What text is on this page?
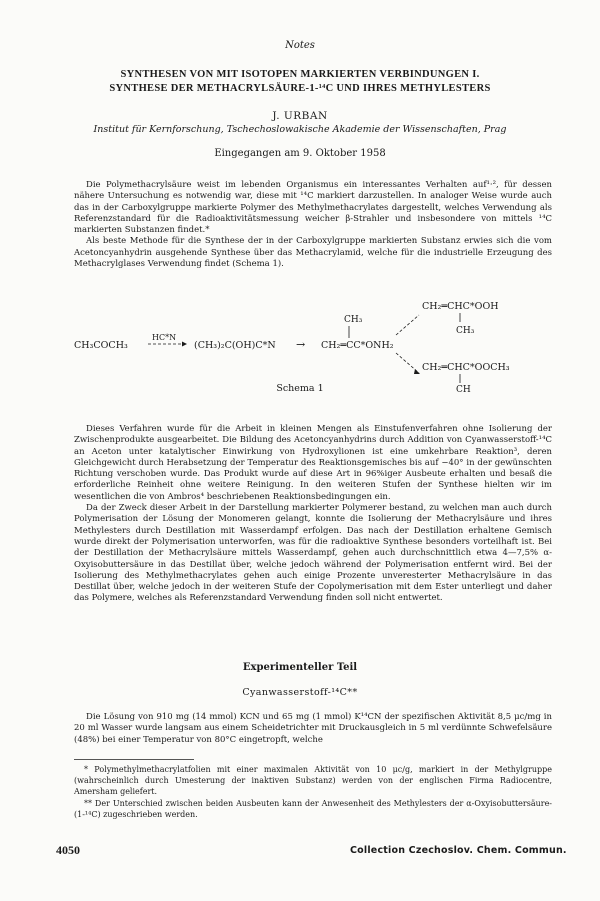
Notes
SYNTHESEN VON MIT ISOTOPEN MARKIERTEN VERBINDUNGEN I.
SYNTHESE DER METHACRYLSÄURE-1-¹⁴C UND IHRES METHYLESTERS
J. URBAN
Institut für Kernforschung, Tschechoslowakische Akademie der Wissenschaften, Prag
Eingegangen am 9. Oktober 1958

Die Polymethacrylsäure weist im lebenden Organismus ein interessantes Verhalten auf¹·², für dessen nähere Untersuchung es notwendig war, diese mit ¹⁴C markiert darzustellen. In analoger Weise wurde auch das in der Carboxylgruppe markierte Polymer des Methylmethacrylates dargestellt, welches Verwendung als Referenzstandard für die Radioaktivitätsmessung weicher β-Strahler und insbesondere von mittels ¹⁴C markierten Substanzen findet.*

Als beste Methode für die Synthese der in der Carboxylgruppe markierten Substanz erwies sich die vom Acetoncyanhydrin ausgehende Synthese über das Methacrylamid, welche für die industrielle Erzeugung des Methacrylglases Verwendung findet (Schema 1).

CH₃COCH₃
HC*N
(CH₃)₂C(OH)C*N →
CH₃
CH₂═CC*ONH₂
CH₂═CHC*OOH
CH₃
CH₂═CHC*OOCH₃
CH
Schema 1

Dieses Verfahren wurde für die Arbeit in kleinen Mengen als Einstufenverfahren ohne Isolierung der Zwischenprodukte ausgearbeitet. Die Bildung des Acetoncyanhydrins durch Addition von Cyanwasserstoff-¹⁴C an Aceton unter katalytischer Einwirkung von Hydroxylionen ist eine umkehrbare Reaktion³, deren Gleichgewicht durch Herabsetzung der Temperatur des Reaktionsgemisches bis auf −40° in der gewünschten Richtung verschoben wurde. Das Produkt wurde auf diese Art in 96%iger Ausbeute erhalten und besaß die erforderliche Reinheit ohne weitere Reinigung. In den weiteren Stufen der Synthese hielten wir im wesentlichen die von Ambros⁴ beschriebenen Reaktionsbedingungen ein.

Da der Zweck dieser Arbeit in der Darstellung markierter Polymerer bestand, zu welchen man auch durch Polymerisation der Lösung der Monomeren gelangt, konnte die Isolierung der Methacrylsäure und ihres Methylesters durch Destillation mit Wasserdampf erfolgen. Das nach der Destillation erhaltene Gemisch wurde direkt der Polymerisation unterworfen, was für die radioaktive Synthese besonders vorteilhaft ist. Bei der Destillation der Methacrylsäure mittels Wasserdampf, gehen auch durchschnittlich etwa 4—7,5% α-Oxyisobuttersäure in das Destillat über, welche jedoch während der Polymerisation entfernt wird. Bei der Isolierung des Methylmethacrylates gehen auch einige Prozente unveresterter Methacrylsäure in das Destillat über, welche jedoch in der weiteren Stufe der Copolymerisation mit dem Ester unterliegt und daher das Polymere, welches als Referenzstandard Verwendung finden soll nicht entwertet.

Experimenteller Teil
Cyanwasserstoff-¹⁴C**

Die Lösung von 910 mg (14 mmol) KCN und 65 mg (1 mmol) K¹⁴CN der spezifischen Aktivität 8,5 μc/mg in 20 ml Wasser wurde langsam aus einem Scheidetrichter mit Druckausgleich in 5 ml verdünnte Schwefelsäure (48%) bei einer Temperatur von 80°C eingetropft, welche

* Polymethylmethacrylatfolien mit einer maximalen Aktivität von 10 μc/g, markiert in der Methylgruppe (wahrscheinlich durch Umesterung der inaktiven Substanz) werden von der englischen Firma Radiocentre, Amersham geliefert.

** Der Unterschied zwischen beiden Ausbeuten kann der Anwesenheit des Methylesters der α-Oxyisobuttersäure-(1-¹⁴C) zugeschrieben werden.

4050	Collection Czechoslov. Chem. Commun.
